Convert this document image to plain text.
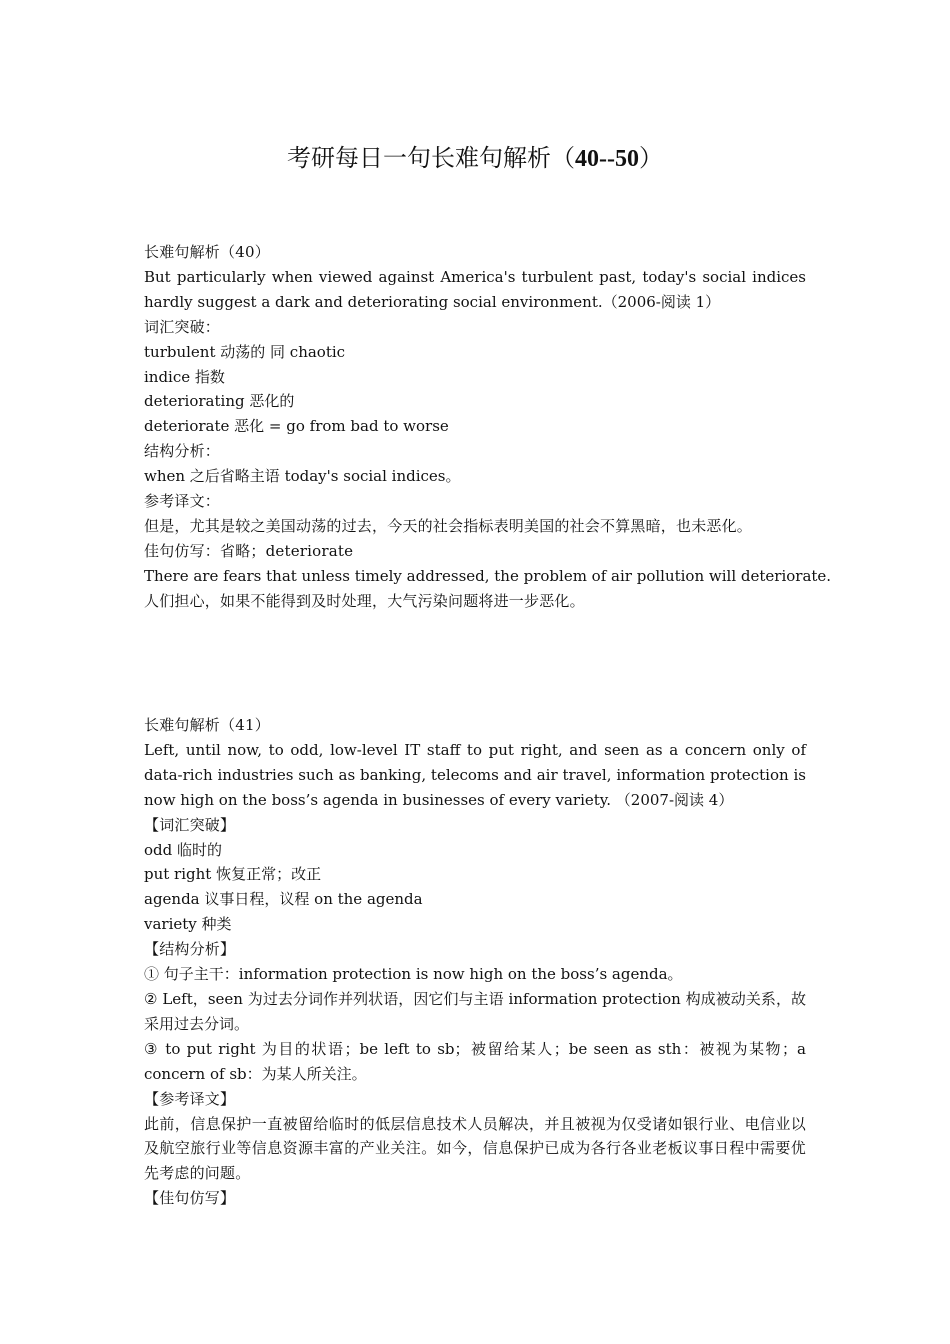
考研每日一句长难句解析（40--50）

长难句解析（40）

But particularly when viewed against America's turbulent past, today's social indices hardly suggest a dark and deteriorating social environment.（2006-阅读 1）

词汇突破：

turbulent 动荡的 同 chaotic

indice 指数

deteriorating 恶化的

deteriorate 恶化 = go from bad to worse

结构分析：

when 之后省略主语 today's social indices。

参考译文：

但是，尤其是较之美国动荡的过去，今天的社会指标表明美国的社会不算黑暗，也未恶化。

佳句仿写：省略；deteriorate

There are fears that unless timely addressed, the problem of air pollution will deteriorate.

人们担心，如果不能得到及时处理，大气污染问题将进一步恶化。

长难句解析（41）

Left, until now, to odd, low-level IT staff to put right, and seen as a concern only of data-rich industries such as banking, telecoms and air travel, information protection is now high on the boss’s agenda in businesses of every variety. （2007-阅读 4）

【词汇突破】

odd 临时的

put right 恢复正常；改正

agenda 议事日程，议程 on the agenda

variety 种类

【结构分析】

① 句子主干：information protection is now high on the boss’s agenda。

② Left，seen 为过去分词作并列状语，因它们与主语 information protection 构成被动关系，故采用过去分词。

③ to put right 为目的状语；be left to sb；被留给某人；be seen as sth：被视为某物；a concern of sb：为某人所关注。

【参考译文】

此前，信息保护一直被留给临时的低层信息技术人员解决，并且被视为仅受诸如银行业、电信业以及航空旅行业等信息资源丰富的产业关注。如今，信息保护已成为各行各业老板议事日程中需要优先考虑的问题。

【佳句仿写】
